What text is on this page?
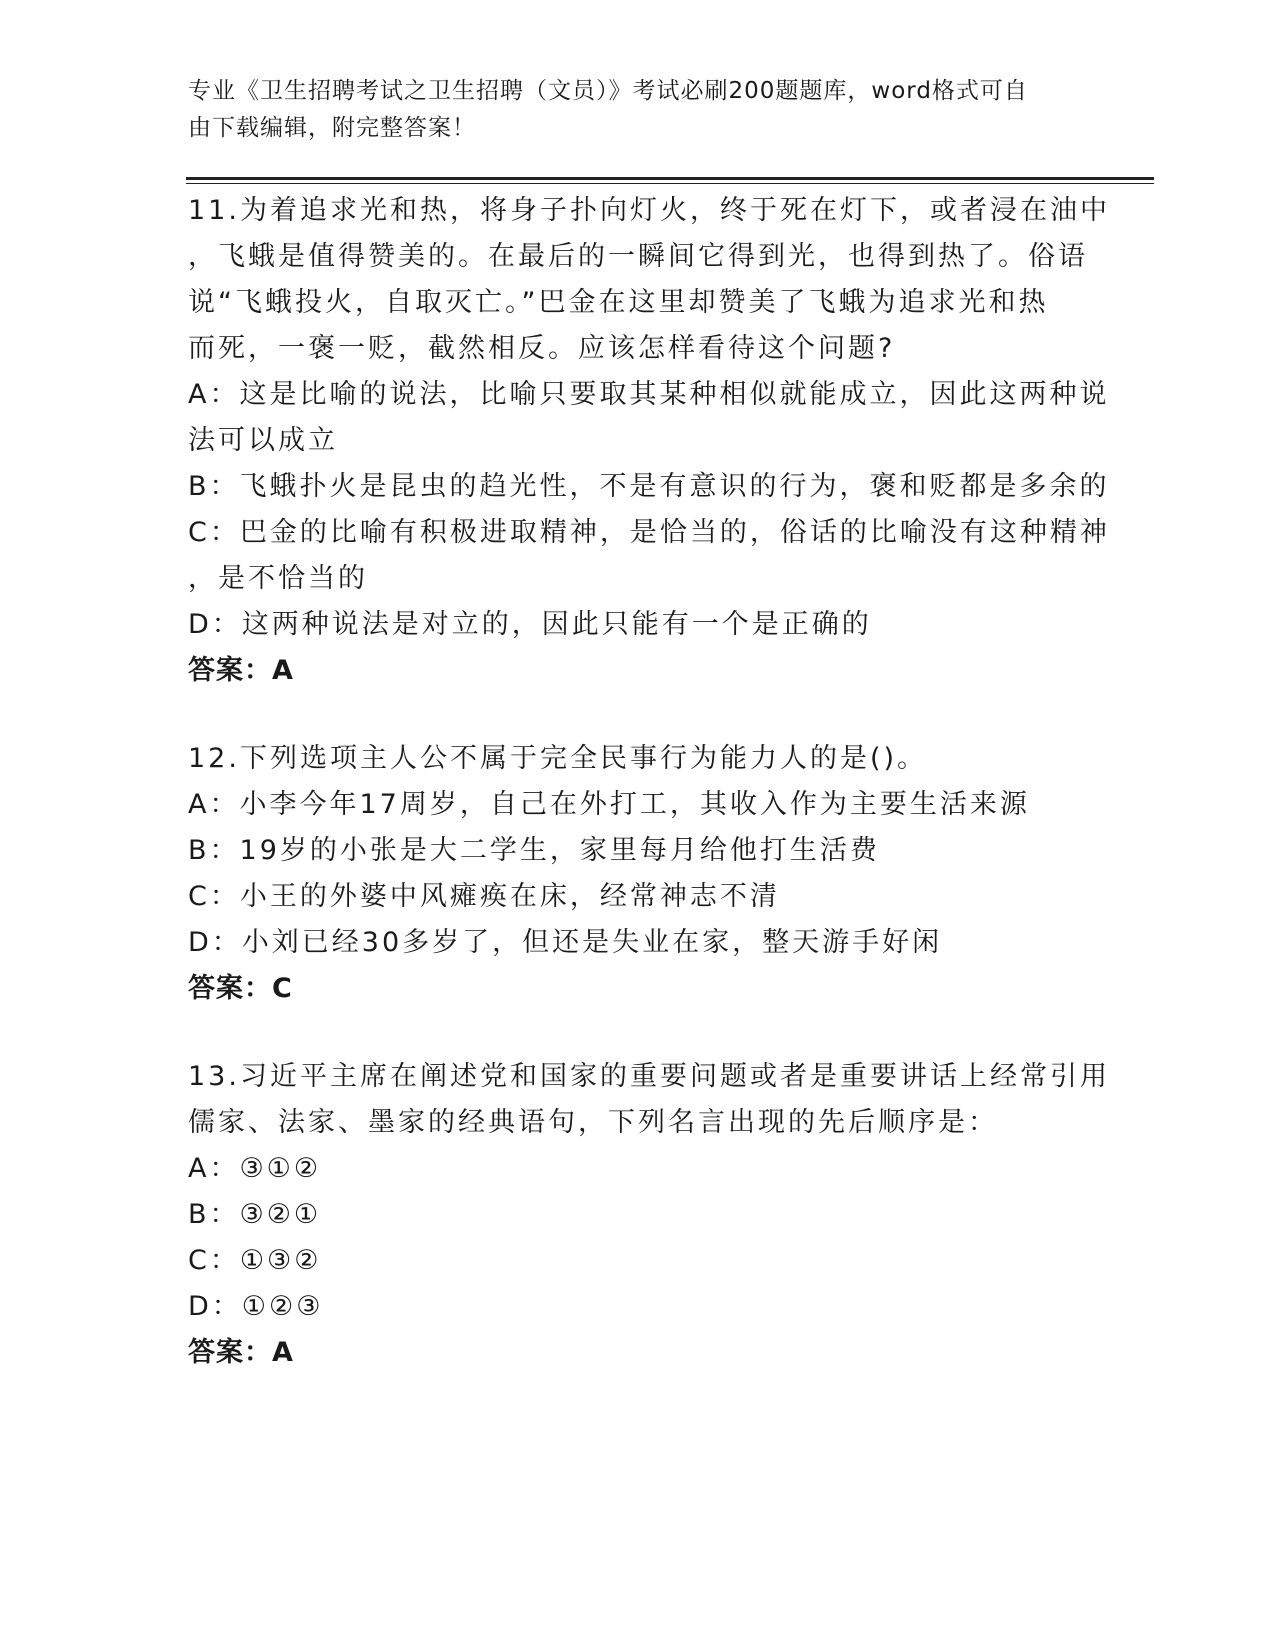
专业《卫生招聘考试之卫生招聘（文员）》考试必刷200题题库，word格式可自
由下载编辑，附完整答案！
11.为着追求光和热，将身子扑向灯火，终于死在灯下，或者浸在油中
，飞蛾是值得赞美的。在最后的一瞬间它得到光，也得到热了。俗语
说“飞蛾投火，自取灭亡。”巴金在这里却赞美了飞蛾为追求光和热
而死，一褒一贬，截然相反。应该怎样看待这个问题?
A：这是比喻的说法，比喻只要取其某种相似就能成立，因此这两种说
法可以成立
B：飞蛾扑火是昆虫的趋光性，不是有意识的行为，褒和贬都是多余的
C：巴金的比喻有积极进取精神，是恰当的，俗话的比喻没有这种精神
，是不恰当的
D：这两种说法是对立的，因此只能有一个是正确的
答案：A
12.下列选项主人公不属于完全民事行为能力人的是()。
A：小李今年17周岁，自己在外打工，其收入作为主要生活来源
B：19岁的小张是大二学生，家里每月给他打生活费
C：小王的外婆中风瘫痪在床，经常神志不清
D：小刘已经30多岁了，但还是失业在家，整天游手好闲
答案：C
13.习近平主席在阐述党和国家的重要问题或者是重要讲话上经常引用
儒家、法家、墨家的经典语句，下列名言出现的先后顺序是：
A：③①②
B：③②①
C：①③②
D：①②③
答案：A
